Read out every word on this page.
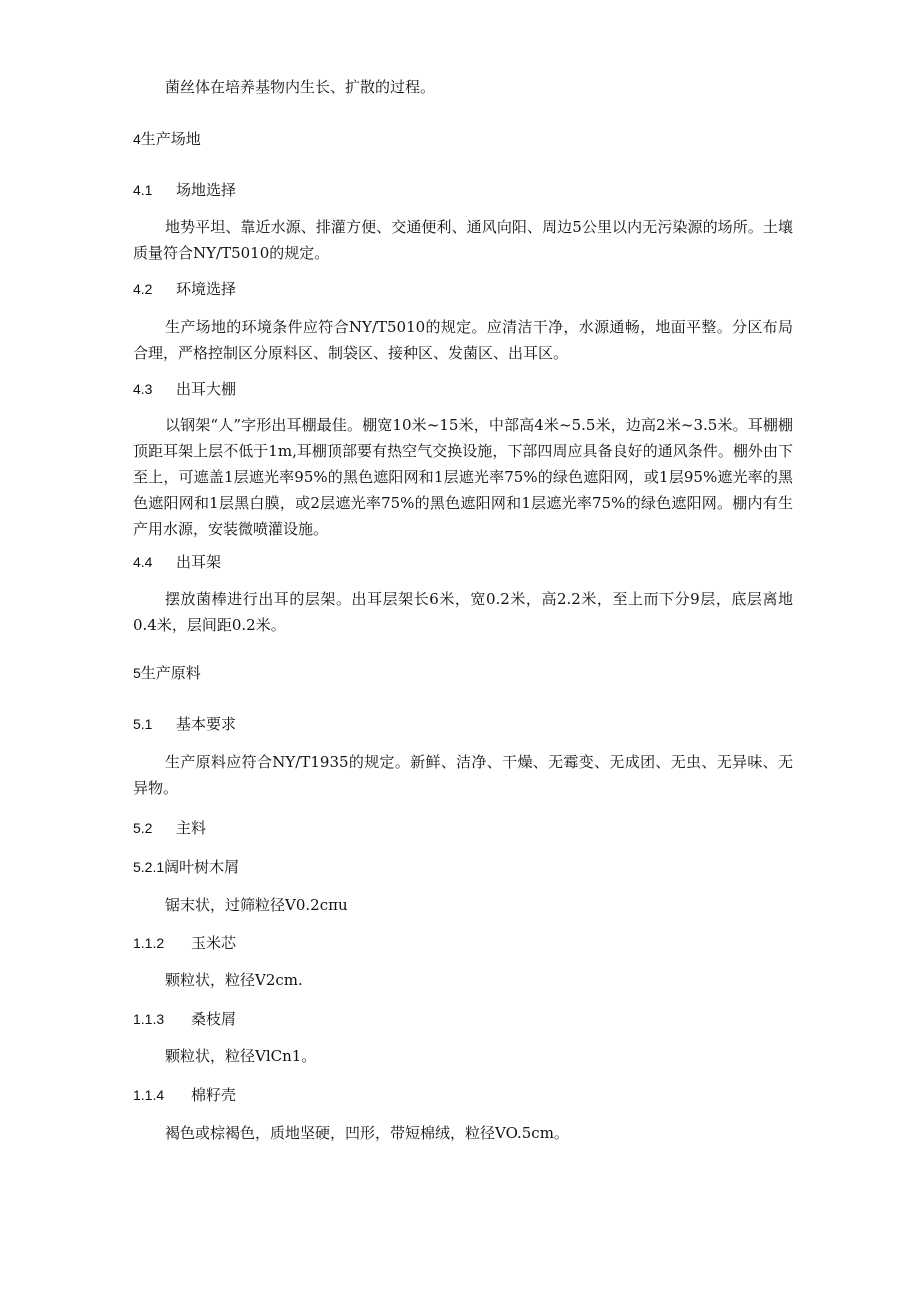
菌丝体在培养基物内生长、扩散的过程。
4生产场地
4.1 场地选择
地势平坦、靠近水源、排灌方便、交通便利、通风向阳、周边5公里以内无污染源的场所。土壤质量符合NY/T5010的规定。
4.2 环境选择
生产场地的环境条件应符合NY/T5010的规定。应清洁干净，水源通畅，地面平整。分区布局合理，严格控制区分原料区、制袋区、接种区、发菌区、出耳区。
4.3 出耳大棚
以钢架“人”字形出耳棚最佳。棚宽10米~15米，中部高4米~5.5米，边高2米~3.5米。耳棚棚顶距耳架上层不低于1m,耳棚顶部要有热空气交换设施，下部四周应具备良好的通风条件。棚外由下至上，可遮盖1层遮光率95%的黑色遮阳网和1层遮光率75%的绿色遮阳网，或1层95%遮光率的黑色遮阳网和1层黑白膜，或2层遮光率75%的黑色遮阳网和1层遮光率75%的绿色遮阳网。棚内有生产用水源，安装微喷灌设施。
4.4 出耳架
摆放菌棒进行出耳的层架。出耳层架长6米，宽0.2米，高2.2米，至上而下分9层，底层离地0.4米，层间距0.2米。
5生产原料
5.1 基本要求
生产原料应符合NY/T1935的规定。新鲜、洁净、干燥、无霉变、无成团、无虫、无异味、无异物。
5.2 主料
5.2.1阔叶树木屑
锯末状，过筛粒径V0.2cπu
1.1.2 玉米芯
颗粒状，粒径V2cm.
1.1.3 桑枝屑
颗粒状，粒径VlCn1。
1.1.4 棉籽壳
褐色或棕褐色，质地坚硬，凹形，带短棉绒，粒径VO.5cm。
